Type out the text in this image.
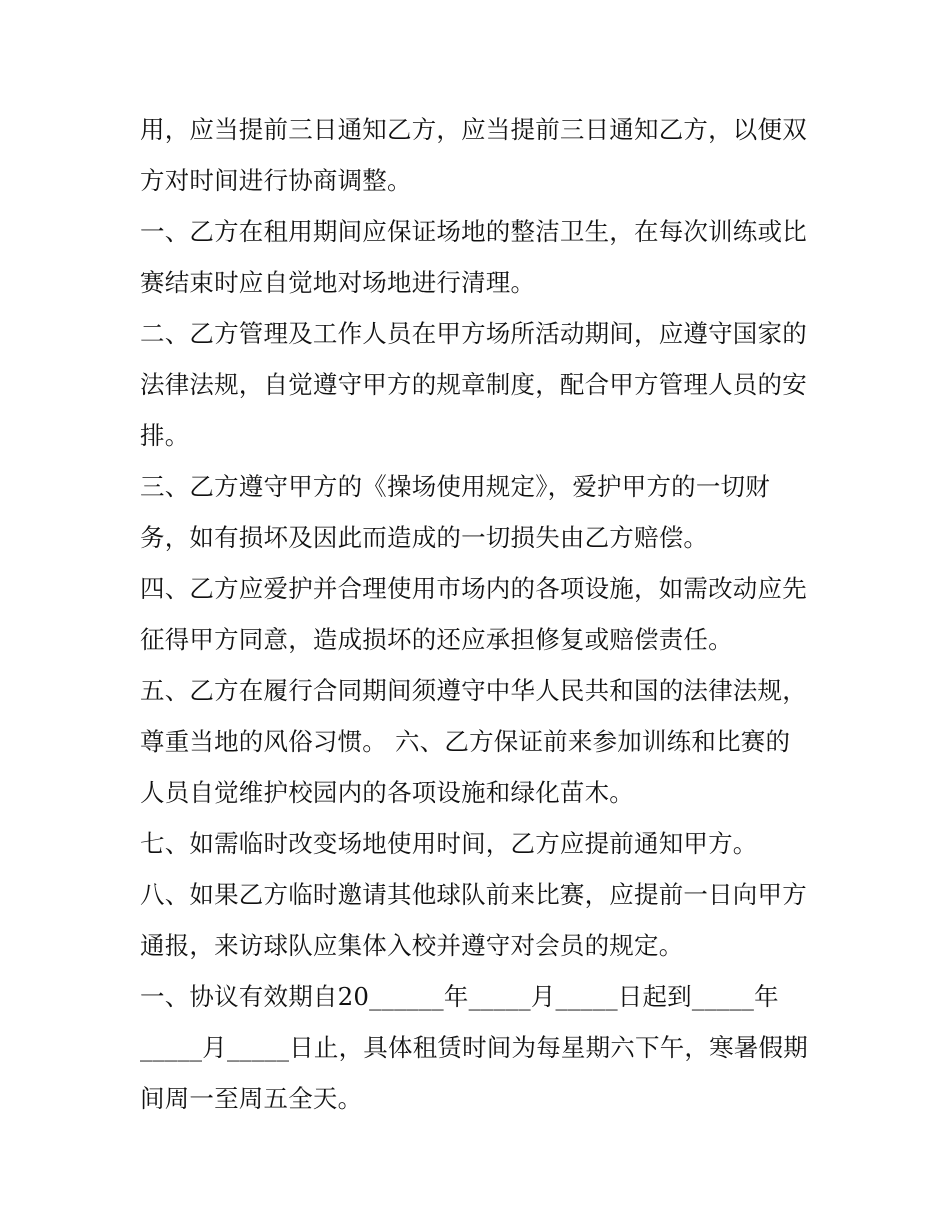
用，应当提前三日通知乙方，应当提前三日通知乙方，以便双
方对时间进行协商调整。
一、乙方在租用期间应保证场地的整洁卫生，在每次训练或比
赛结束时应自觉地对场地进行清理。
二、乙方管理及工作人员在甲方场所活动期间，应遵守国家的
法律法规，自觉遵守甲方的规章制度，配合甲方管理人员的安
排。
三、乙方遵守甲方的《操场使用规定》，爱护甲方的一切财
务，如有损坏及因此而造成的一切损失由乙方赔偿。
四、乙方应爱护并合理使用市场内的各项设施，如需改动应先
征得甲方同意，造成损坏的还应承担修复或赔偿责任。
五、乙方在履行合同期间须遵守中华人民共和国的法律法规，
尊重当地的风俗习惯。 六、乙方保证前来参加训练和比赛的
人员自觉维护校园内的各项设施和绿化苗木。
七、如需临时改变场地使用时间，乙方应提前通知甲方。
八、如果乙方临时邀请其他球队前来比赛，应提前一日向甲方
通报，来访球队应集体入校并遵守对会员的规定。
一、协议有效期自20______年_____月_____日起到_____年
_____月_____日止，具体租赁时间为每星期六下午，寒暑假期
间周一至周五全天。
